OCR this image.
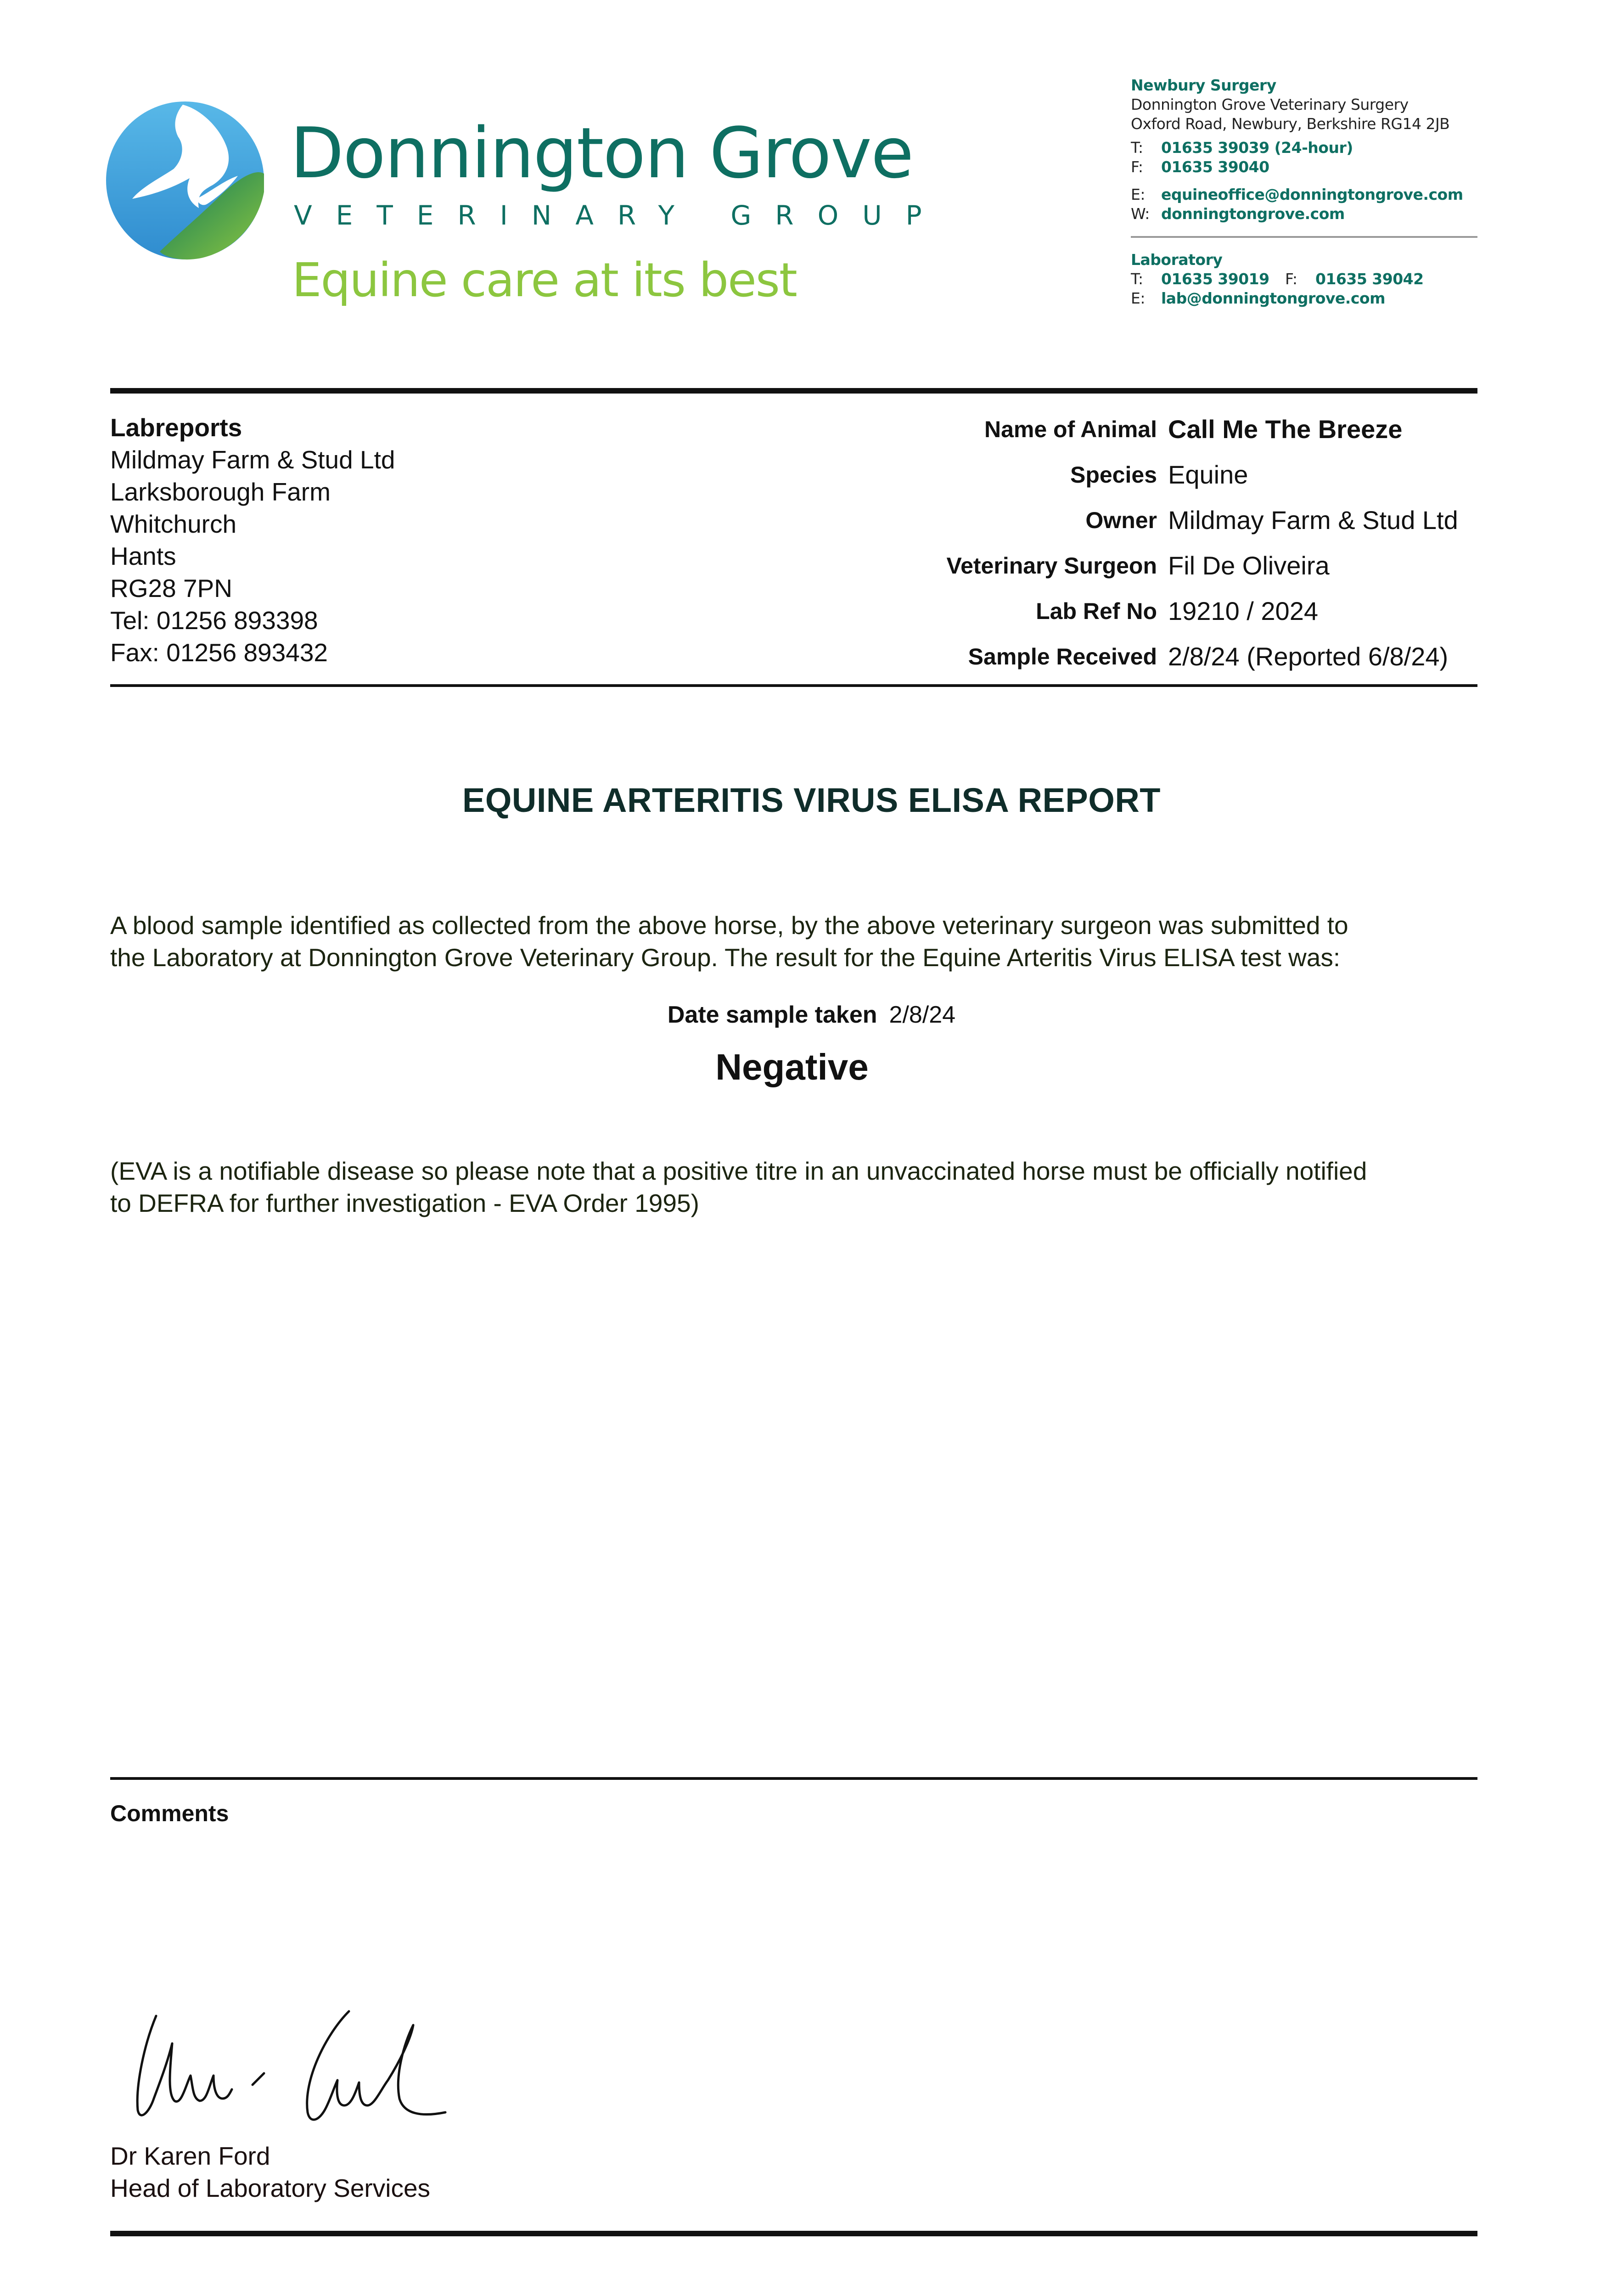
Donnington Grove
VETERINARY GROUP
Equine care at its best
Newbury Surgery
Donnington Grove Veterinary Surgery
Oxford Road, Newbury, Berkshire RG14 2JB
T: 01635 39039 (24-hour)
F: 01635 39040
E: equineoffice@donningtongrove.com
W: donningtongrove.com
Laboratory
T: 01635 39019 F: 01635 39042
E: lab@donningtongrove.com
Labreports
Mildmay Farm & Stud Ltd
Larksborough Farm
Whitchurch
Hants
RG28 7PN
Tel: 01256 893398
Fax: 01256 893432
Name of Animal Call Me The Breeze
Species Equine
Owner Mildmay Farm & Stud Ltd
Veterinary Surgeon Fil De Oliveira
Lab Ref No 19210 / 2024
Sample Received 2/8/24 (Reported 6/8/24)
EQUINE ARTERITIS VIRUS ELISA REPORT
A blood sample identified as collected from the above horse, by the above veterinary surgeon was submitted to
the Laboratory at Donnington Grove Veterinary Group. The result for the Equine Arteritis Virus ELISA test was:
Date sample taken 2/8/24
Negative
(EVA is a notifiable disease so please note that a positive titre in an unvaccinated horse must be officially notified
to DEFRA for further investigation - EVA Order 1995)
Comments
Dr Karen Ford
Head of Laboratory Services
